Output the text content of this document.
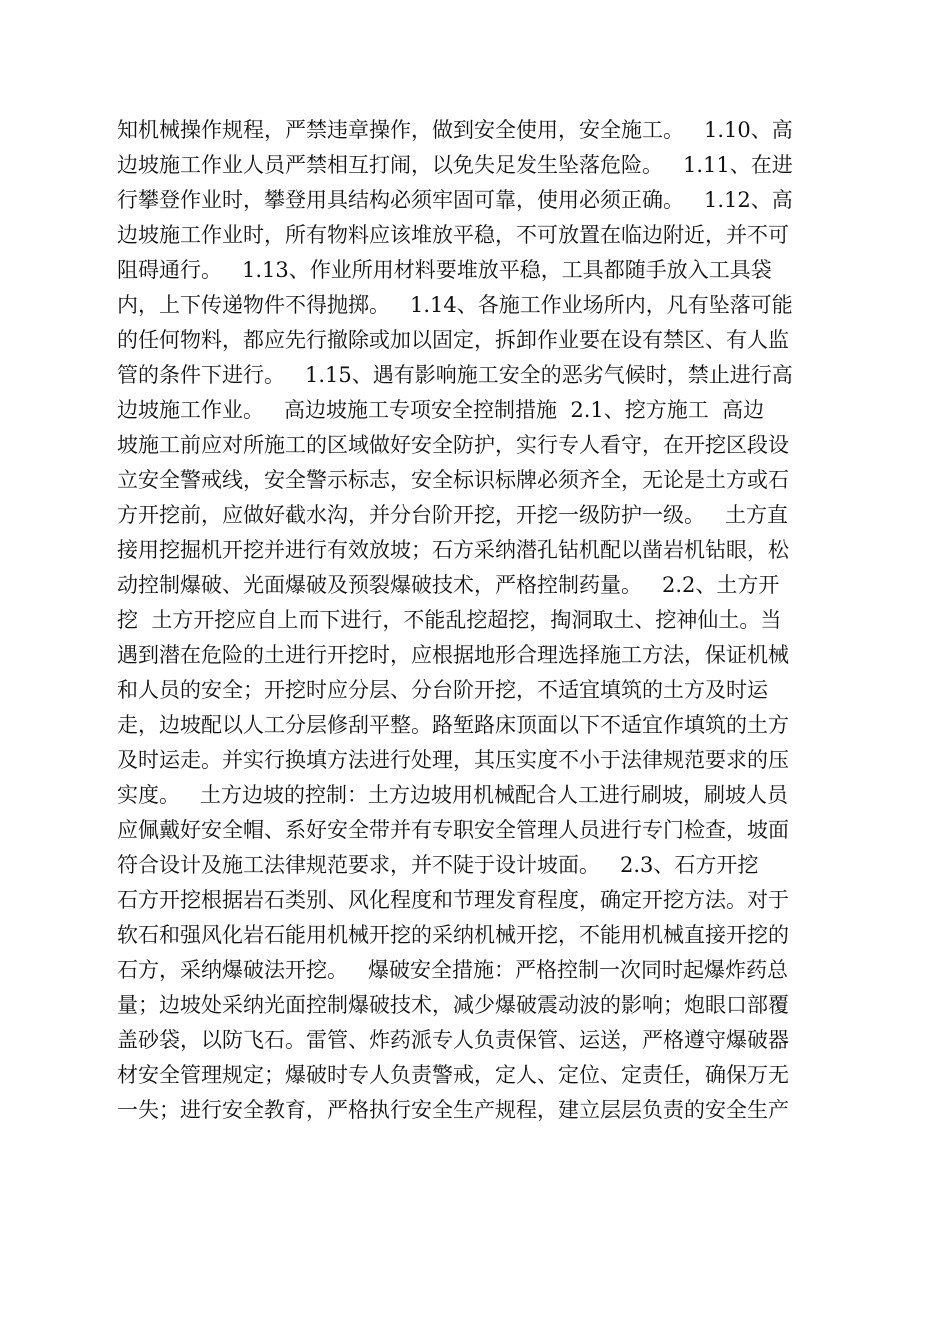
知机械操作规程，严禁违章操作，做到安全使用，安全施工。   1.10、高
边坡施工作业人员严禁相互打闹，以免失足发生坠落危险。   1.11、在进
行攀登作业时，攀登用具结构必须牢固可靠，使用必须正确。   1.12、高
边坡施工作业时，所有物料应该堆放平稳，不可放置在临边附近，并不可
阻碍通行。   1.13、作业所用材料要堆放平稳，工具都随手放入工具袋
内，上下传递物件不得抛掷。   1.14、各施工作业场所内，凡有坠落可能
的任何物料，都应先行撤除或加以固定，拆卸作业要在设有禁区、有人监
管的条件下进行。   1.15、遇有影响施工安全的恶劣气候时，禁止进行高
边坡施工作业。   高边坡施工专项安全控制措施  2.1、挖方施工  高边
坡施工前应对所施工的区域做好安全防护，实行专人看守，在开挖区段设
立安全警戒线，安全警示标志，安全标识标牌必须齐全，无论是土方或石
方开挖前，应做好截水沟，并分台阶开挖，开挖一级防护一级。   土方直
接用挖掘机开挖并进行有效放坡；石方采纳潜孔钻机配以凿岩机钻眼，松
动控制爆破、光面爆破及预裂爆破技术，严格控制药量。   2.2、土方开
挖  土方开挖应自上而下进行，不能乱挖超挖，掏洞取土、挖神仙土。当
遇到潜在危险的土进行开挖时，应根据地形合理选择施工方法，保证机械
和人员的安全；开挖时应分层、分台阶开挖，不适宜填筑的土方及时运
走，边坡配以人工分层修刮平整。路堑路床顶面以下不适宜作填筑的土方
及时运走。并实行换填方法进行处理，其压实度不小于法律规范要求的压
实度。   土方边坡的控制：土方边坡用机械配合人工进行刷坡，刷坡人员
应佩戴好安全帽、系好安全带并有专职安全管理人员进行专门检查，坡面
符合设计及施工法律规范要求，并不陡于设计坡面。   2.3、石方开挖
石方开挖根据岩石类别、风化程度和节理发育程度，确定开挖方法。对于
软石和强风化岩石能用机械开挖的采纳机械开挖，不能用机械直接开挖的
石方，采纳爆破法开挖。   爆破安全措施：严格控制一次同时起爆炸药总
量；边坡处采纳光面控制爆破技术，减少爆破震动波的影响；炮眼口部覆
盖砂袋，以防飞石。雷管、炸药派专人负责保管、运送，严格遵守爆破器
材安全管理规定；爆破时专人负责警戒，定人、定位、定责任，确保万无
一失；进行安全教育，严格执行安全生产规程，建立层层负责的安全生产
